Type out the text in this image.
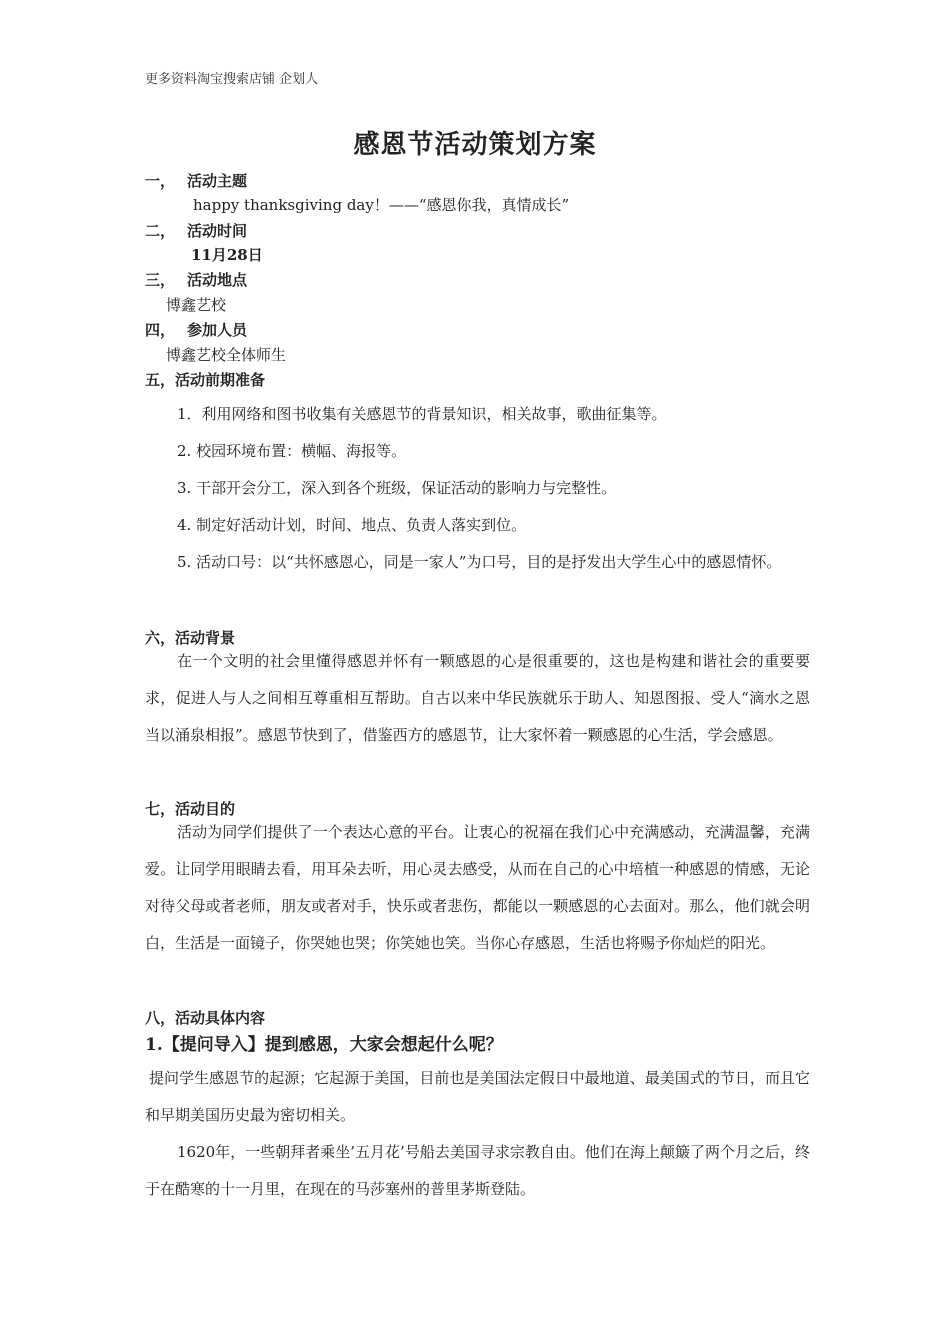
更多资料淘宝搜索店铺 企划人
感恩节活动策划方案
一， 活动主题
happy thanksgiving day！——“感恩你我，真情成长”
二， 活动时间
11月28日
三， 活动地点
博鑫艺校
四， 参加人员
博鑫艺校全体师生
五，活动前期准备

1．利用网络和图书收集有关感恩节的背景知识，相关故事，歌曲征集等。

2. 校园环境布置：横幅、海报等。

3. 干部开会分工，深入到各个班级，保证活动的影响力与完整性。

4. 制定好活动计划，时间、地点、负责人落实到位。

5. 活动口号：以“共怀感恩心，同是一家人”为口号，目的是抒发出大学生心中的感恩情怀。

六，活动背景

在一个文明的社会里懂得感恩并怀有一颗感恩的心是很重要的，这也是构建和谐社会的重要要求，促进人与人之间相互尊重相互帮助。自古以来中华民族就乐于助人、知恩图报、受人“滴水之恩当以涌泉相报”。感恩节快到了，借鉴西方的感恩节，让大家怀着一颗感恩的心生活，学会感恩。

七，活动目的

活动为同学们提供了一个表达心意的平台。让衷心的祝福在我们心中充满感动，充满温馨，充满爱。让同学用眼睛去看，用耳朵去听，用心灵去感受，从而在自己的心中培植一种感恩的情感，无论对待父母或者老师，朋友或者对手，快乐或者悲伤，都能以一颗感恩的心去面对。那么，他们就会明白，生活是一面镜子，你哭她也哭；你笑她也笑。当你心存感恩，生活也将赐予你灿烂的阳光。

八，活动具体内容
1.【提问导入】提到感恩，大家会想起什么呢？

提问学生感恩节的起源；它起源于美国，目前也是美国法定假日中最地道、最美国式的节日，而且它和早期美国历史最为密切相关。

1620年，一些朝拜者乘坐’五月花’号船去美国寻求宗教自由。他们在海上颠簸了两个月之后，终于在酷寒的十一月里，在现在的马莎塞州的普里茅斯登陆。
